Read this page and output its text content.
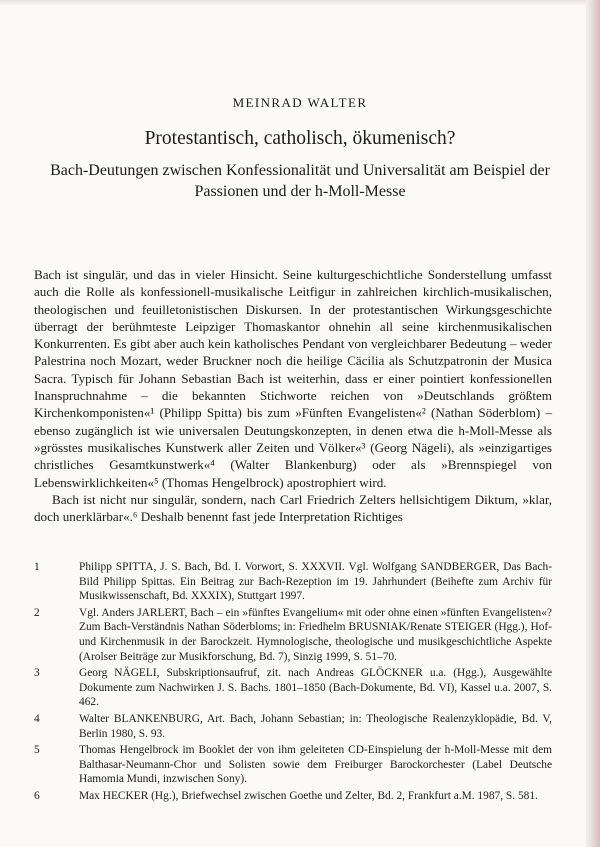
MEINRAD WALTER
Protestantisch, catholisch, ökumenisch?
Bach-Deutungen zwischen Konfessionalität und Universalität am Beispiel der Passionen und der h-Moll-Messe

Bach ist singulär, und das in vieler Hinsicht. Seine kulturgeschichtliche Sonderstellung umfasst auch die Rolle als konfessionell-musikalische Leitfigur in zahlreichen kirchlich-musikalischen, theologischen und feuilletonistischen Diskursen. In der protestantischen Wirkungsgeschichte überragt der berühmteste Leipziger Thomaskantor ohnehin all seine kirchenmusikalischen Konkurrenten. Es gibt aber auch kein katholisches Pendant von vergleichbarer Bedeutung – weder Palestrina noch Mozart, weder Bruckner noch die heilige Cäcilia als Schutzpatronin der Musica Sacra. Typisch für Johann Sebastian Bach ist weiterhin, dass er einer pointiert konfessionellen Inanspruchnahme – die bekannten Stichworte reichen von »Deutschlands größtem Kirchenkomponisten«¹ (Philipp Spitta) bis zum »Fünften Evangelisten«² (Nathan Söderblom) – ebenso zugänglich ist wie universalen Deutungskonzepten, in denen etwa die h-Moll-Messe als »grösstes musikalisches Kunstwerk aller Zeiten und Völker«³ (Georg Nägeli), als »einzigartiges christliches Gesamtkunstwerk«⁴ (Walter Blankenburg) oder als »Brennspiegel von Lebenswirklichkeiten«⁵ (Thomas Hengelbrock) apostrophiert wird.

Bach ist nicht nur singulär, sondern, nach Carl Friedrich Zelters hellsichtigem Diktum, »klar, doch unerklärbar«.⁶ Deshalb benennt fast jede Interpretation Richtiges

1	Philipp SPITTA, J. S. Bach, Bd. I. Vorwort, S. XXXVII. Vgl. Wolfgang SANDBERGER, Das Bach-Bild Philipp Spittas. Ein Beitrag zur Bach-Rezeption im 19. Jahrhundert (Beihefte zum Archiv für Musikwissenschaft, Bd. XXXIX), Stuttgart 1997.
2	Vgl. Anders JARLERT, Bach – ein »fünftes Evangelium« mit oder ohne einen »fünften Evangelisten«? Zum Bach-Verständnis Nathan Söderbloms; in: Friedhelm BRUSNIAK/Renate STEIGER (Hgg.), Hof- und Kirchenmusik in der Barockzeit. Hymnologische, theologische und musikgeschichtliche Aspekte (Arolser Beiträge zur Musikforschung, Bd. 7), Sinzig 1999, S. 51–70.
3	Georg NÄGELI, Subskriptionsaufruf, zit. nach Andreas GLÖCKNER u.a. (Hgg.), Ausgewählte Dokumente zum Nachwirken J. S. Bachs. 1801–1850 (Bach-Dokumente, Bd. VI), Kassel u.a. 2007, S. 462.
4	Walter BLANKENBURG, Art. Bach, Johann Sebastian; in: Theologische Realenzyklopädie, Bd. V, Berlin 1980, S. 93.
5	Thomas Hengelbrock im Booklet der von ihm geleiteten CD-Einspielung der h-Moll-Messe mit dem Balthasar-Neumann-Chor und Solisten sowie dem Freiburger Barockorchester (Label Deutsche Hamomia Mundi, inzwischen Sony).
6	Max HECKER (Hg.), Briefwechsel zwischen Goethe und Zelter, Bd. 2, Frankfurt a.M. 1987, S. 581.
